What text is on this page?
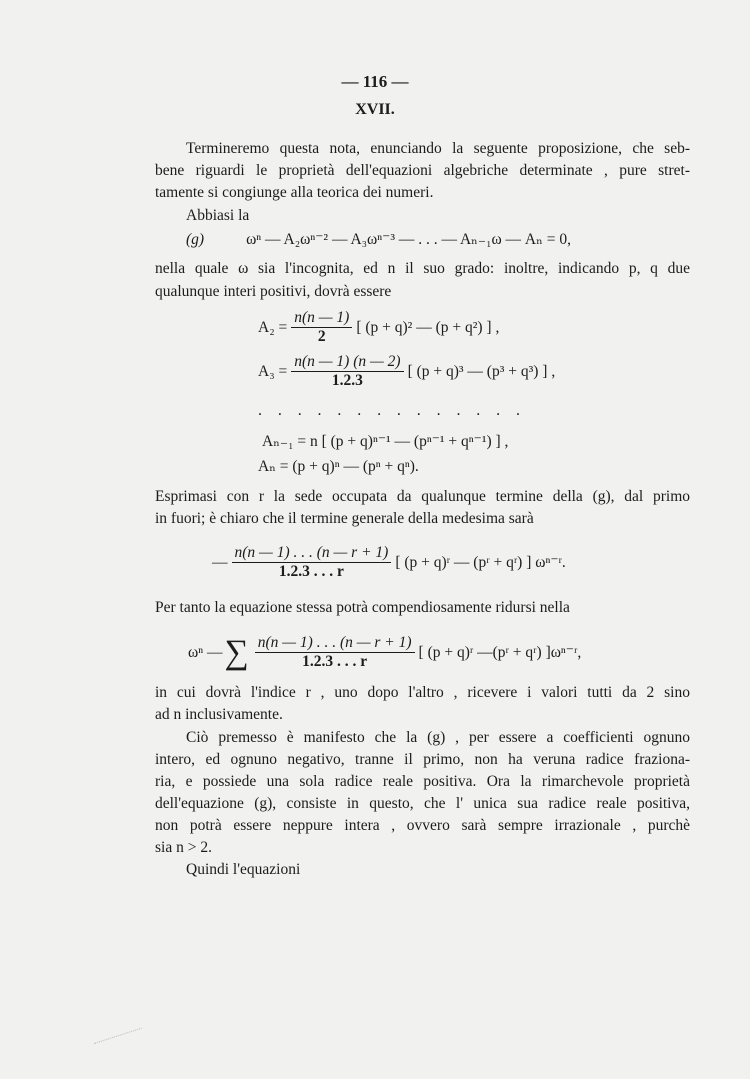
— 116 —
XVII.
Termineremo questa nota, enunciando la seguente proposizione, che seb-
bene riguardi le proprietà dell'equazioni algebriche determinate , pure stret-
tamente si congiunge alla teorica dei numeri.
Abbiasi la
(g)	ωⁿ — A₂ωⁿ⁻² — A₃ωⁿ⁻³ — . . . — Aₙ₋₁ω — Aₙ = 0,
nella quale ω sia l'incognita, ed n il suo grado: inoltre, indicando p, q due
qualunque interi positivi, dovrà essere
$A_2 = \frac{n(n — 1)}{2}$ [ (p + q)² — (p + q²) ] ,
$A_3 = \frac{n(n — 1) (n — 2)}{1.2.3}$ [ (p + q)³ — (p³ + q³) ] ,
. . . . . . . . . . . . . .
Aₙ₋₁ = n [ (p + q)ⁿ⁻¹ — (pⁿ⁻¹ + qⁿ⁻¹) ] ,
Aₙ = (p + q)ⁿ — (pⁿ + qⁿ).
Esprimasi con r la sede occupata da qualunque termine della (g), dal primo
in fuori; è chiaro che il termine generale della medesima sarà
— $\frac{n(n — 1) . . . (n — r + 1)}{1.2.3 . . . r}$ [ (p + q)ʳ — (pʳ + qʳ) ] ωⁿ⁻ʳ.
Per tanto la equazione stessa potrà compendiosamente ridursi nella
ωⁿ — ∑ $\frac{n(n — 1) . . . (n — r + 1)}{1.2.3 . . . r}$ [ (p + q)ʳ —(pʳ + qʳ) ]ωⁿ⁻ʳ,
in cui dovrà l'indice r , uno dopo l'altro , ricevere i valori tutti da 2 sino
ad n inclusivamente.
Ciò premesso è manifesto che la (g) , per essere a coefficienti ognuno
intero, ed ognuno negativo, tranne il primo, non ha veruna radice fraziona-
ria, e possiede una sola radice reale positiva. Ora la rimarchevole proprietà
dell'equazione (g), consiste in questo, che l' unica sua radice reale positiva,
non potrà essere neppure intera , ovvero sarà sempre irrazionale , purchè
sia n > 2.
Quindi l'equazioni
